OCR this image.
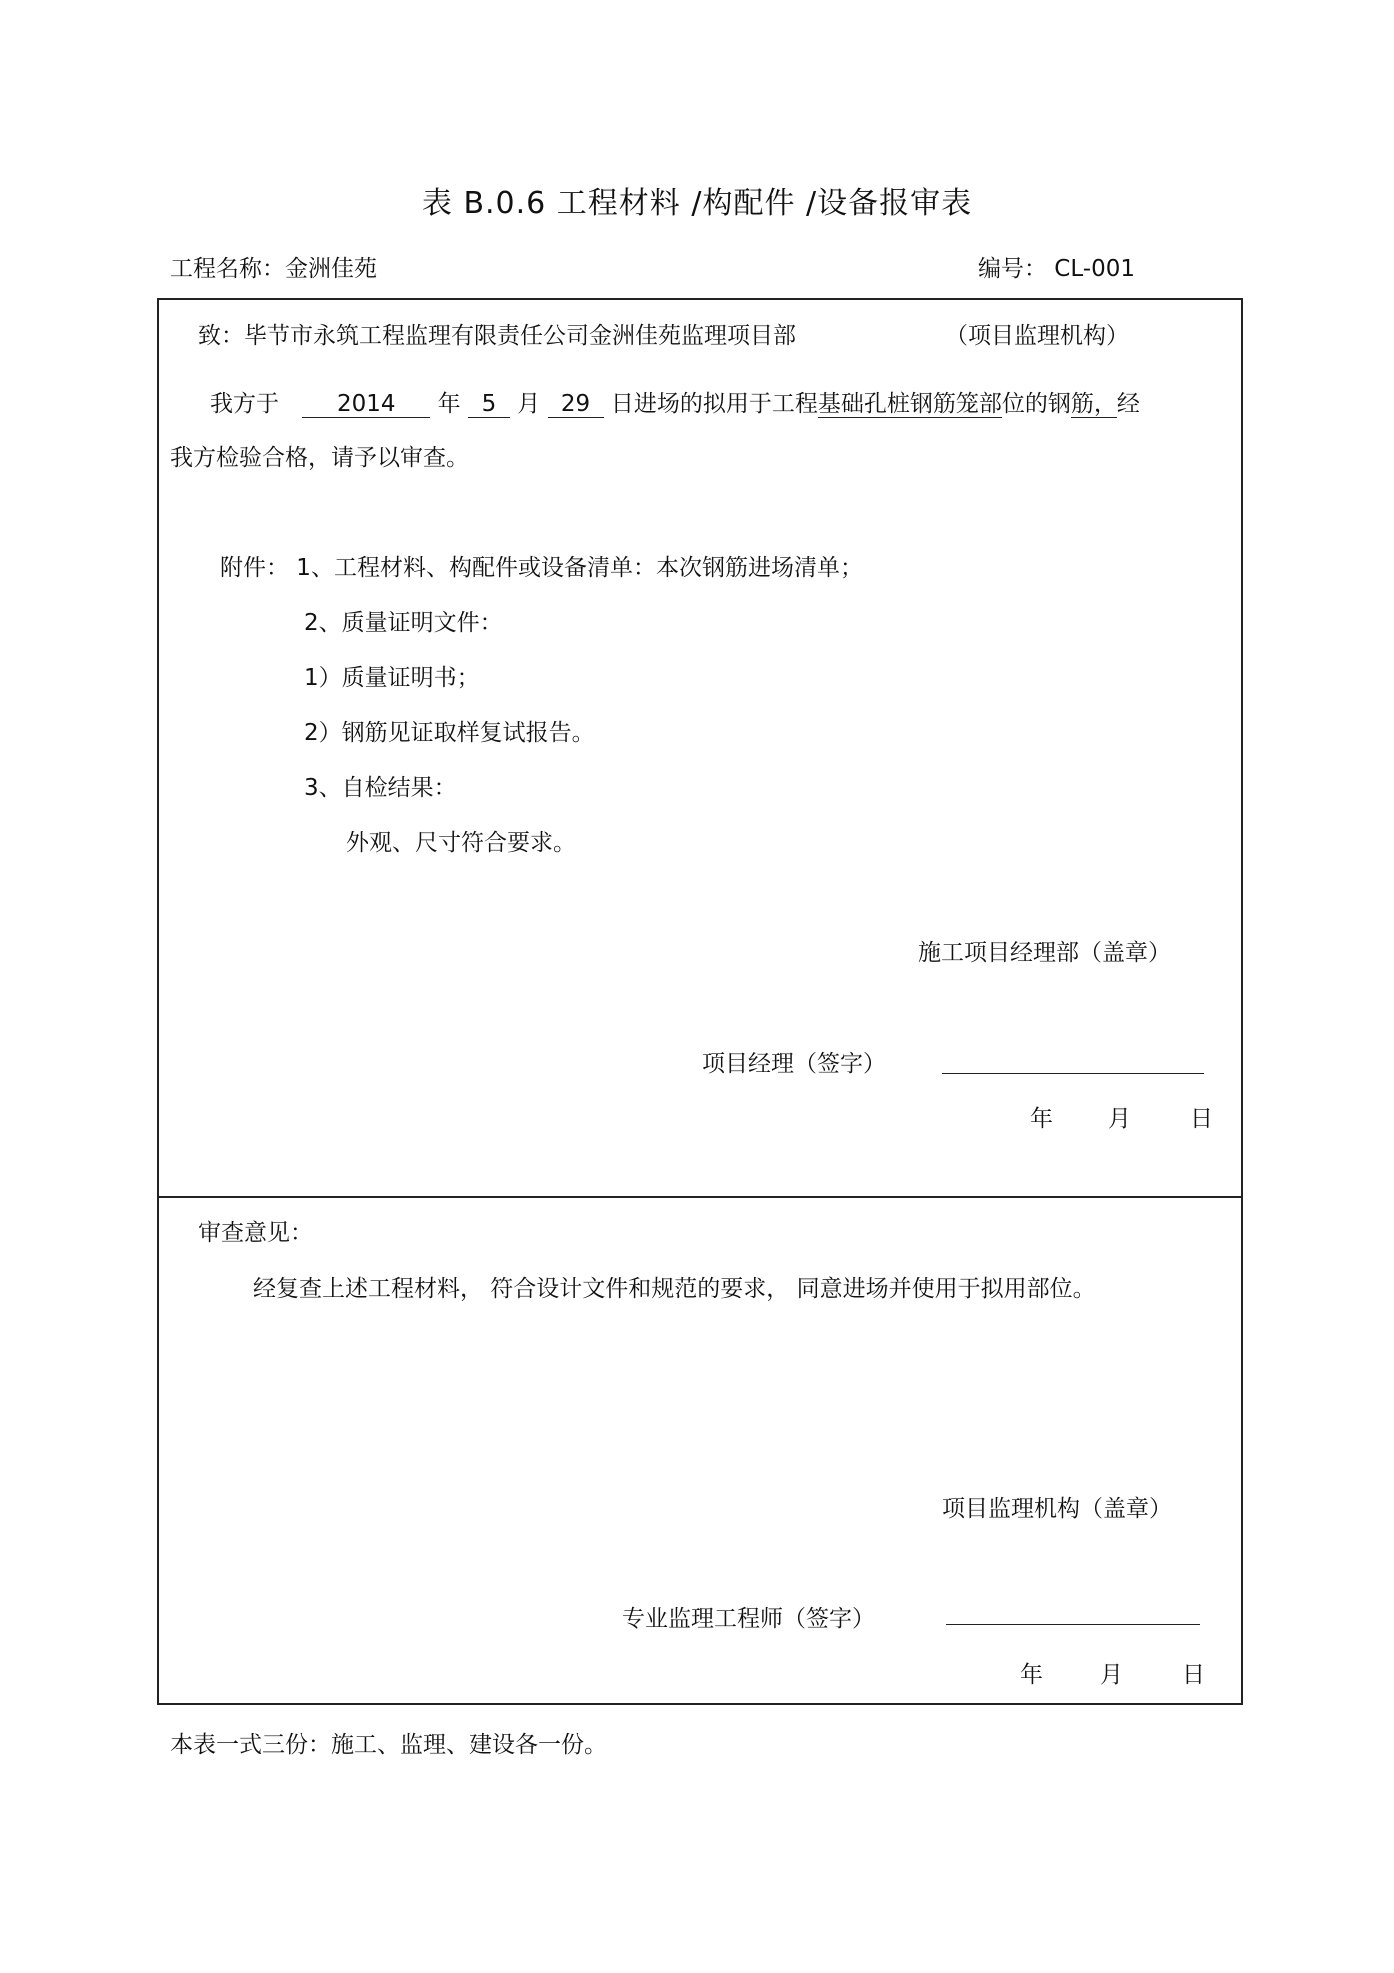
表 B.0.6 工程材料 /构配件 /设备报审表
工程名称：金洲佳苑	编号： CL-001
致：毕节市永筑工程监理有限责任公司金洲佳苑监理项目部	（项目监理机构）
我方于	2014 年 5 月 29 日进场的拟用于工程基础孔桩钢筋笼部位的钢筋，经
我方检验合格，请予以审查。
附件： 1、工程材料、构配件或设备清单：本次钢筋进场清单；
2、质量证明文件：
1）质量证明书；
2）钢筋见证取样复试报告。
3、自检结果：
外观、尺寸符合要求。
施工项目经理部（盖章）
项目经理（签字）
年 月	日
审查意见：
经复查上述工程材料， 符合设计文件和规范的要求， 同意进场并使用于拟用部位。
项目监理机构（盖章）
专业监理工程师（签字）
年 月	日
本表一式三份：施工、监理、建设各一份。
